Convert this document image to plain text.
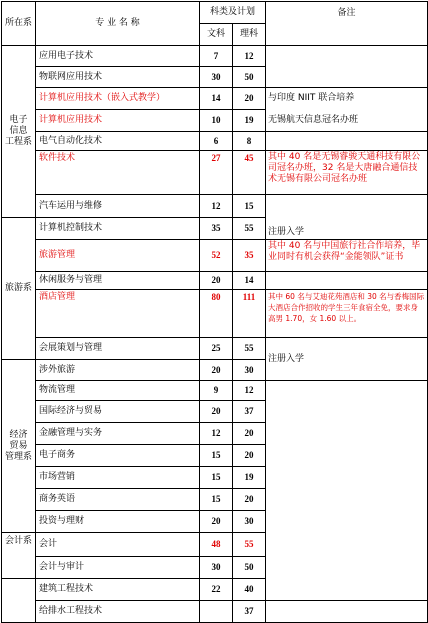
所在系	专 业 名 称	科类及计划		备注
		文科	理科	
电子
信息
工程系	应用电子技术	7	12	
	物联网应用技术	30	50	
	计算机应用技术（嵌入式教学）	14	20	与印度 NIIT 联合培养
	计算机应用技术	10	19	无锡航天信息冠名办班
	电气自动化技术	6	8	
	软件技术	27	45	其中 40 名是无锡睿骏天通科技有限公司冠名办班，32 名是大唐融合通信技术无锡有限公司冠名办班
	汽车运用与维修	12	15	注册入学
旅游系	计算机控制技术	35	55	
	旅游管理	52	35	其中 40 名与中国旅行社合作培养，毕业同时有机会获得“金能领队”证书
	休闲服务与管理	20	14	
	酒店管理	80	111	其中 60 名与艾迪花苑酒店和 30 名与香梅国际大酒店合作招收的学生三年食宿全免，要求身高男 1.70，女 1.60 以上。
	会展策划与管理	25	55	注册入学
经济
贸易
管理系	涉外旅游	20	30	
	物流管理	9	12	
	国际经济与贸易	20	37	
	金融管理与实务	12	20	
	电子商务	15	20	
	市场营销	15	19	
	商务英语	15	20	
	投资与理财	20	30	
会计系	会计	48	55	
	会计与审计	30	50	
	建筑工程技术	22	40	
	给排水工程技术		37	
